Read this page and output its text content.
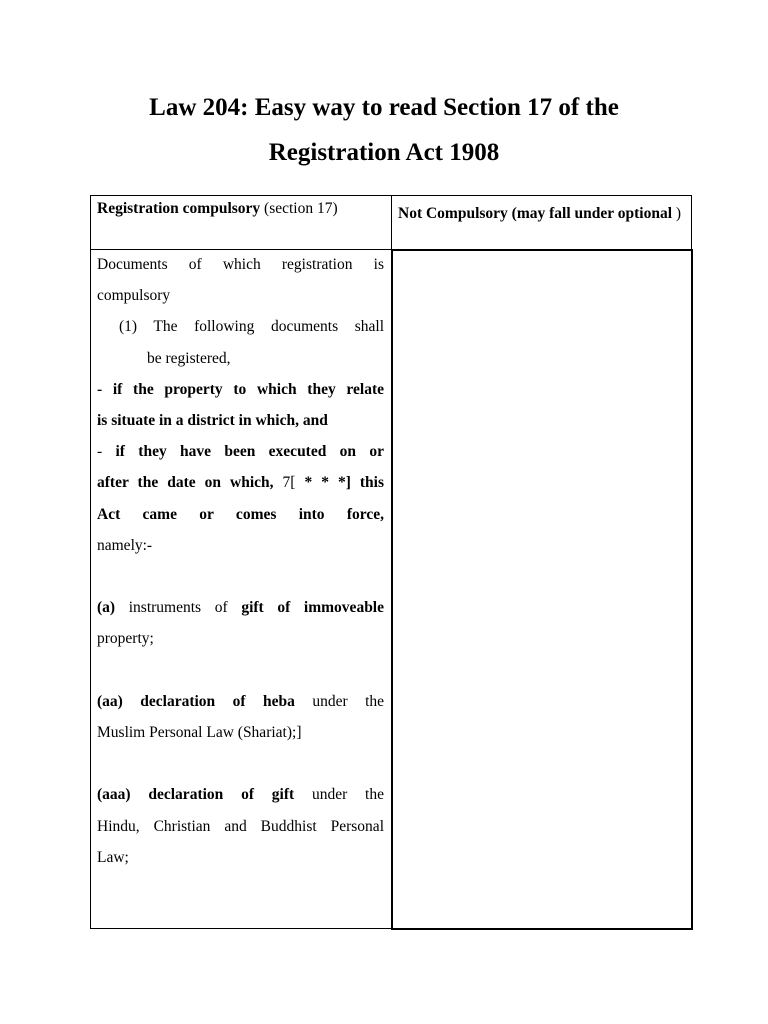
Law 204: Easy way to read Section 17 of the
Registration Act 1908
Registration compulsory (section 17)	Not Compulsory (may fall under optional )

Documents of which registration is

compulsory

(1) The following documents shall

be registered,

- if the property to which they relate

is situate in a district in which, and

- if they have been executed on or

after the date on which, 7[ * * *] this

Act came or comes into force,

namely:-

(a) instruments of gift of immoveable

property;

(aa) declaration of heba under the

Muslim Personal Law (Shariat);]

(aaa) declaration of gift under the

Hindu, Christian and Buddhist Personal

Law;
